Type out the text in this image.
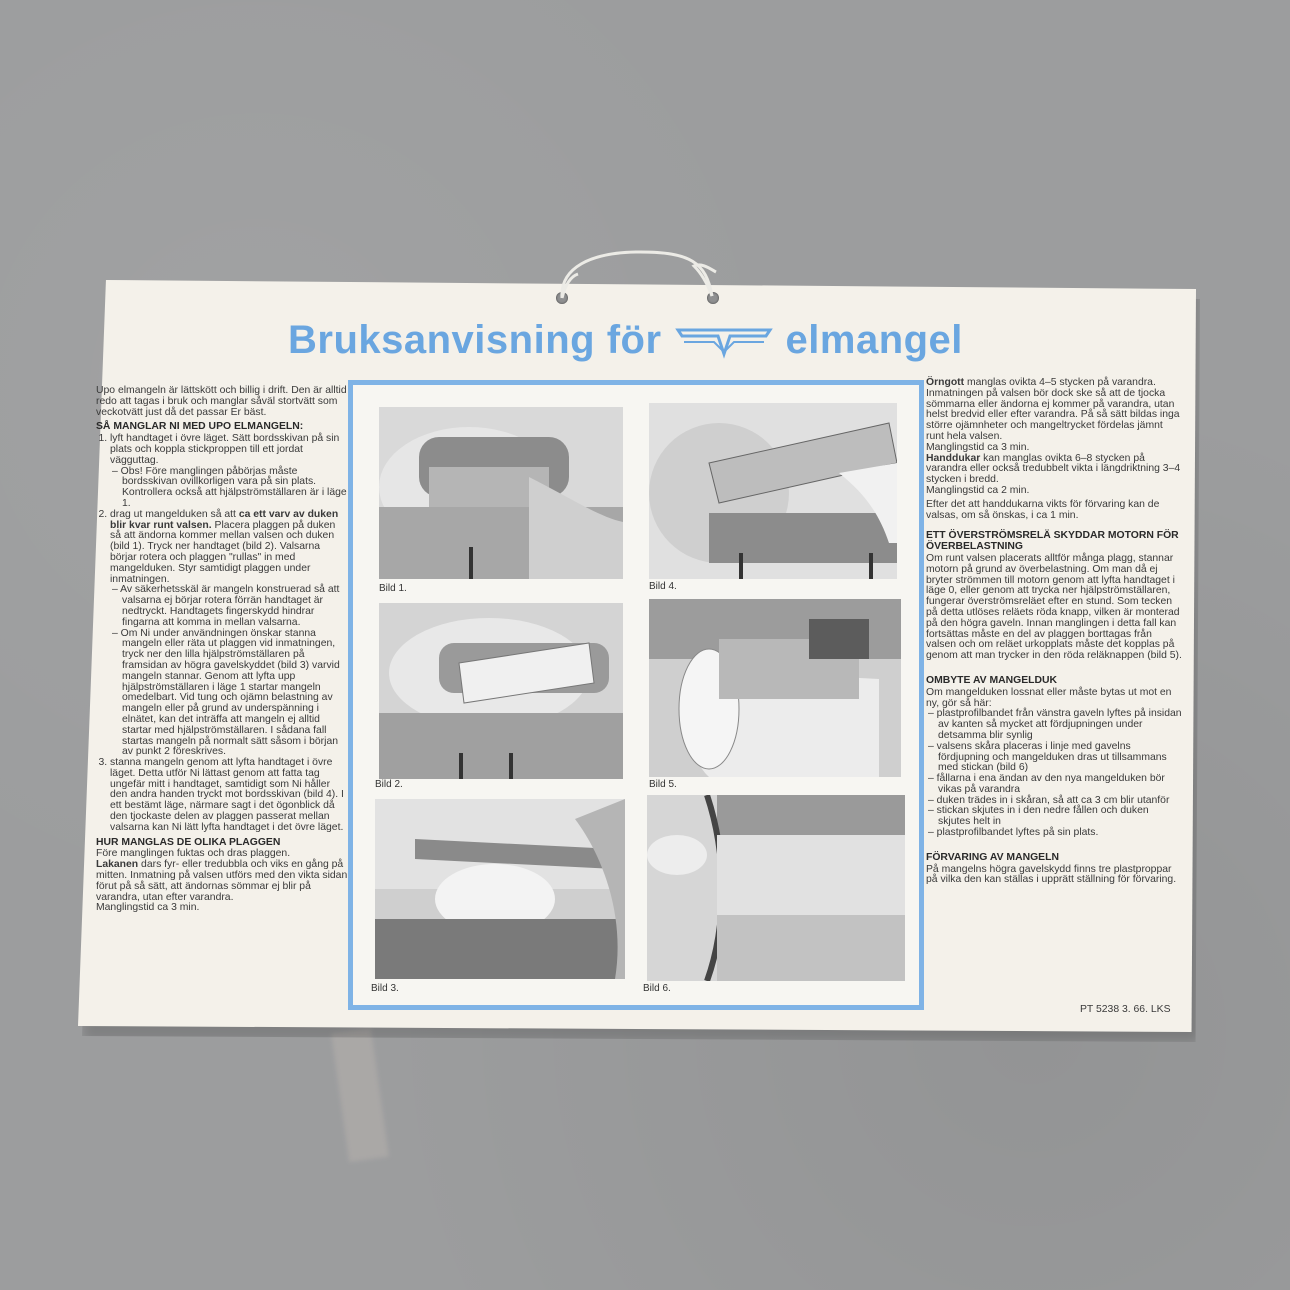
Bruksanvisning för	elmangel

Upo elmangeln är lättskött och billig i drift. Den är alltid redo att tagas i bruk och manglar såväl stortvätt som veckotvätt just då det passar Er bäst.

SÅ MANGLAR NI MED UPO ELMANGELN:
1. lyft handtaget i övre läget. Sätt bordsskivan på sin plats och koppla stickproppen till ett jordat vägguttag.

– Obs! Före manglingen påbörjas måste bordsskivan ovillkorligen vara på sin plats. Kontrollera också att hjälpströmställaren är i läge 1.

2. drag ut mangelduken så att ca ett varv av duken blir kvar runt valsen. Placera plaggen på duken så att ändorna kommer mellan valsen och duken (bild 1). Tryck ner handtaget (bild 2). Valsarna börjar rotera och plaggen "rullas" in med mangelduken. Styr samtidigt plaggen under inmatningen.

– Av säkerhetsskäl är mangeln konstruerad så att valsarna ej börjar rotera förrän handtaget är nedtryckt. Handtagets fingerskydd hindrar fingarna att komma in mellan valsarna.

– Om Ni under användningen önskar stanna mangeln eller räta ut plaggen vid inmatningen, tryck ner den lilla hjälpströmställaren på framsidan av högra gavelskyddet (bild 3) varvid mangeln stannar. Genom att lyfta upp hjälpströmställaren i läge 1 startar mangeln omedelbart. Vid tung och ojämn belastning av mangeln eller på grund av underspänning i elnätet, kan det inträffa att mangeln ej alltid startar med hjälpströmställaren. I sådana fall startas mangeln på normalt sätt såsom i början av punkt 2 föreskrives.

3. stanna mangeln genom att lyfta handtaget i övre läget. Detta utför Ni lättast genom att fatta tag ungefär mitt i handtaget, samtidigt som Ni håller den andra handen tryckt mot bordsskivan (bild 4). I ett bestämt läge, närmare sagt i det ögonblick då den tjockaste delen av plaggen passerat mellan valsarna kan Ni lätt lyfta handtaget i det övre läget.
HUR MANGLAS DE OLIKA PLAGGEN

Före manglingen fuktas och dras plaggen.

Lakanen dars fyr- eller tredubbla och viks en gång på mitten. Inmatning på valsen utförs med den vikta sidan förut på så sätt, att ändornas sömmar ej blir på varandra, utan efter varandra.

Manglingstid ca 3 min.

Bild 1.
Bild 2.
Bild 3.
Bild 4.
Bild 5.
Bild 6.

Örngott manglas ovikta 4–5 stycken på varandra. Inmatningen på valsen bör dock ske så att de tjocka sömmarna eller ändorna ej kommer på varandra, utan helst bredvid eller efter varandra. På så sätt bildas inga större ojämnheter och mangeltrycket fördelas jämnt runt hela valsen.

Manglingstid ca 3 min.

Handdukar kan manglas ovikta 6–8 stycken på varandra eller också tredubbelt vikta i längdriktning 3–4 stycken i bredd.

Manglingstid ca 2 min.

Efter det att handdukarna vikts för förvaring kan de valsas, om så önskas, i ca 1 min.

ETT ÖVERSTRÖMSRELÄ SKYDDAR MOTORN FÖR ÖVERBELASTNING

Om runt valsen placerats alltför många plagg, stannar motorn på grund av överbelastning. Om man då ej bryter strömmen till motorn genom att lyfta handtaget i läge 0, eller genom att trycka ner hjälpströmställaren, fungerar överströmsreläet efter en stund. Som tecken på detta utlöses reläets röda knapp, vilken är monterad på den högra gaveln. Innan manglingen i detta fall kan fortsättas måste en del av plaggen borttagas från valsen och om reläet urkopplats måste det kopplas på genom att man trycker in den röda reläknappen (bild 5).

OMBYTE AV MANGELDUK

Om mangelduken lossnat eller måste bytas ut mot en ny, gör så här:

– plastprofilbandet från vänstra gaveln lyftes på insidan av kanten så mycket att fördjupningen under detsamma blir synlig
– valsens skåra placeras i linje med gavelns fördjupning och mangelduken dras ut tillsammans med stickan (bild 6)
– fållarna i ena ändan av den nya mangelduken bör vikas på varandra
– duken trädes in i skåran, så att ca 3 cm blir utanför
– stickan skjutes in i den nedre fållen och duken skjutes helt in
– plastprofilbandet lyftes på sin plats.
FÖRVARING AV MANGELN

På mangelns högra gavelskydd finns tre plastproppar på vilka den kan ställas i upprätt ställning för förvaring.

PT 5238 3. 66. LKS
